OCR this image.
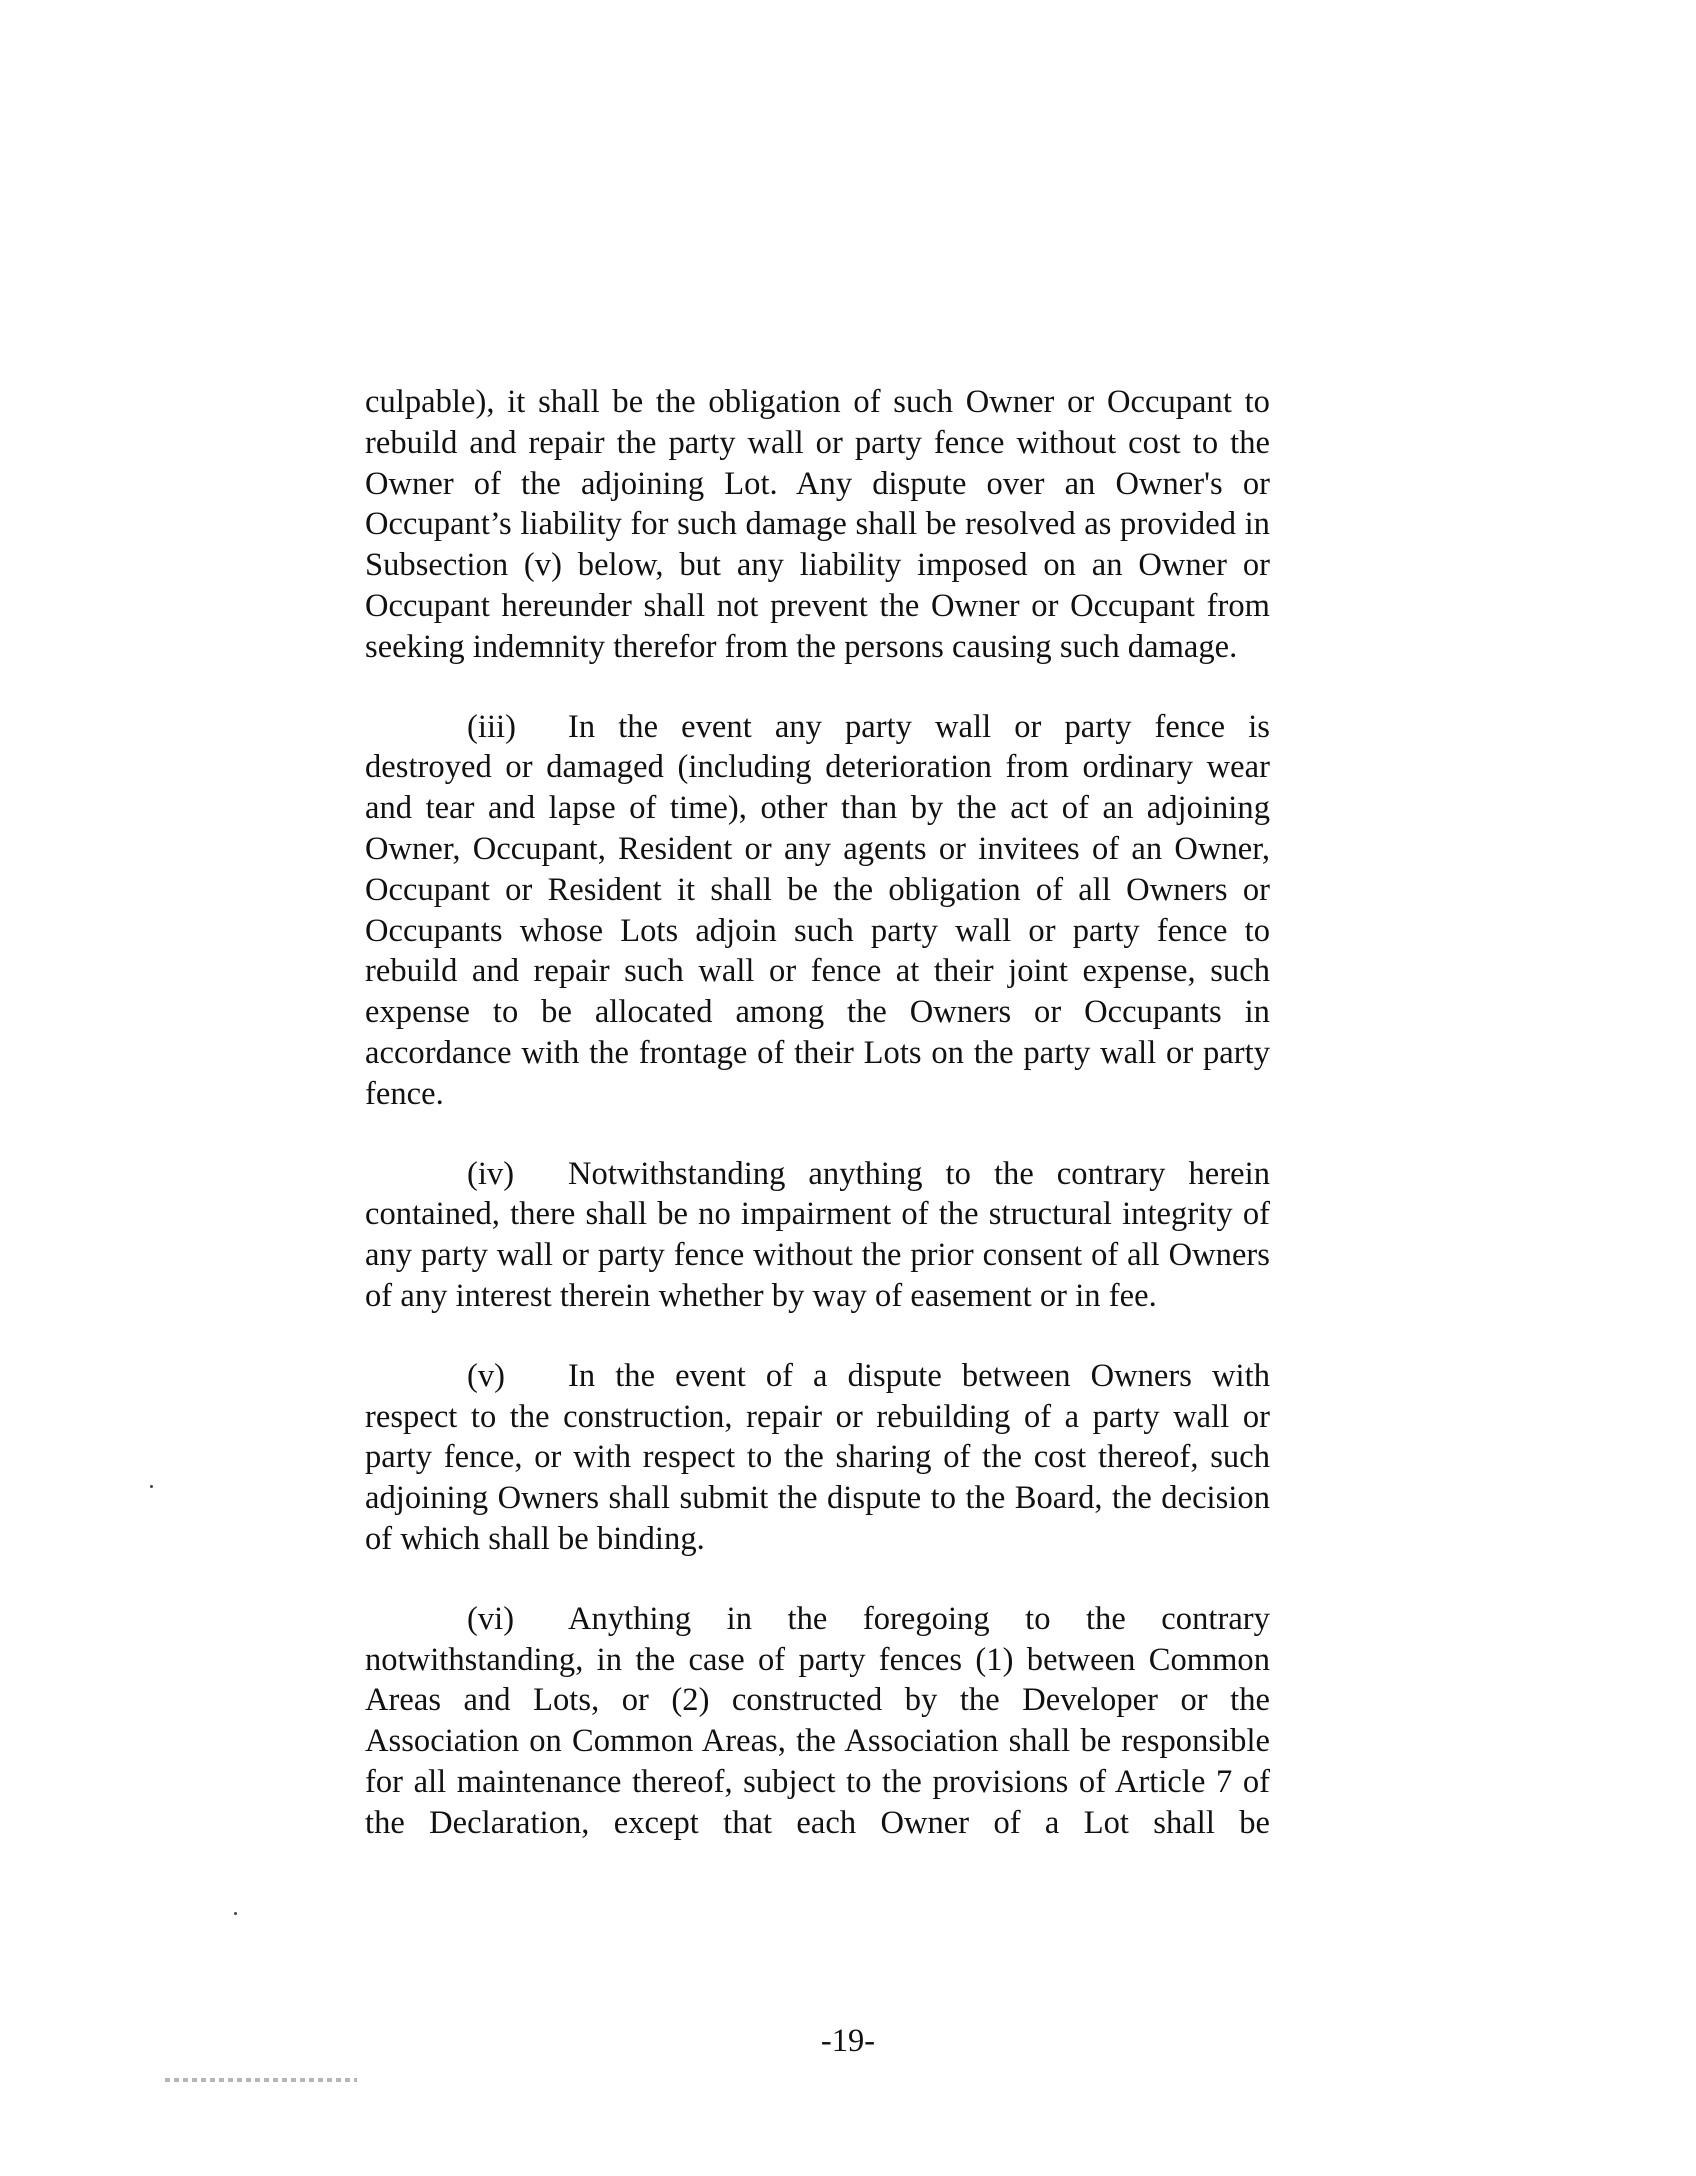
culpable), it shall be the obligation of such Owner or Occupant to rebuild and repair the party wall or party fence without cost to the Owner of the adjoining Lot. Any dispute over an Owner's or Occupant’s liability for such damage shall be resolved as provided in Subsection (v) below, but any liability imposed on an Owner or Occupant hereunder shall not prevent the Owner or Occupant from seeking indemnity therefor from the persons causing such damage.

(iii) In the event any party wall or party fence is destroyed or damaged (including deterioration from ordinary wear and tear and lapse of time), other than by the act of an adjoining Owner, Occupant, Resident or any agents or invitees of an Owner, Occupant or Resident it shall be the obligation of all Owners or Occupants whose Lots adjoin such party wall or party fence to rebuild and repair such wall or fence at their joint expense, such expense to be allocated among the Owners or Occupants in accordance with the frontage of their Lots on the party wall or party fence.

(iv) Notwithstanding anything to the contrary herein contained, there shall be no impairment of the structural integrity of any party wall or party fence without the prior consent of all Owners of any interest therein whether by way of easement or in fee.

(v) In the event of a dispute between Owners with respect to the construction, repair or rebuilding of a party wall or party fence, or with respect to the sharing of the cost thereof, such adjoining Owners shall submit the dispute to the Board, the decision of which shall be binding.

(vi) Anything in the foregoing to the contrary notwithstanding, in the case of party fences (1) between Common Areas and Lots, or (2) constructed by the Developer or the Association on Common Areas, the Association shall be responsible for all maintenance thereof, subject to the provisions of Article 7 of the Declaration, except that each Owner of a Lot shall be

-19-
